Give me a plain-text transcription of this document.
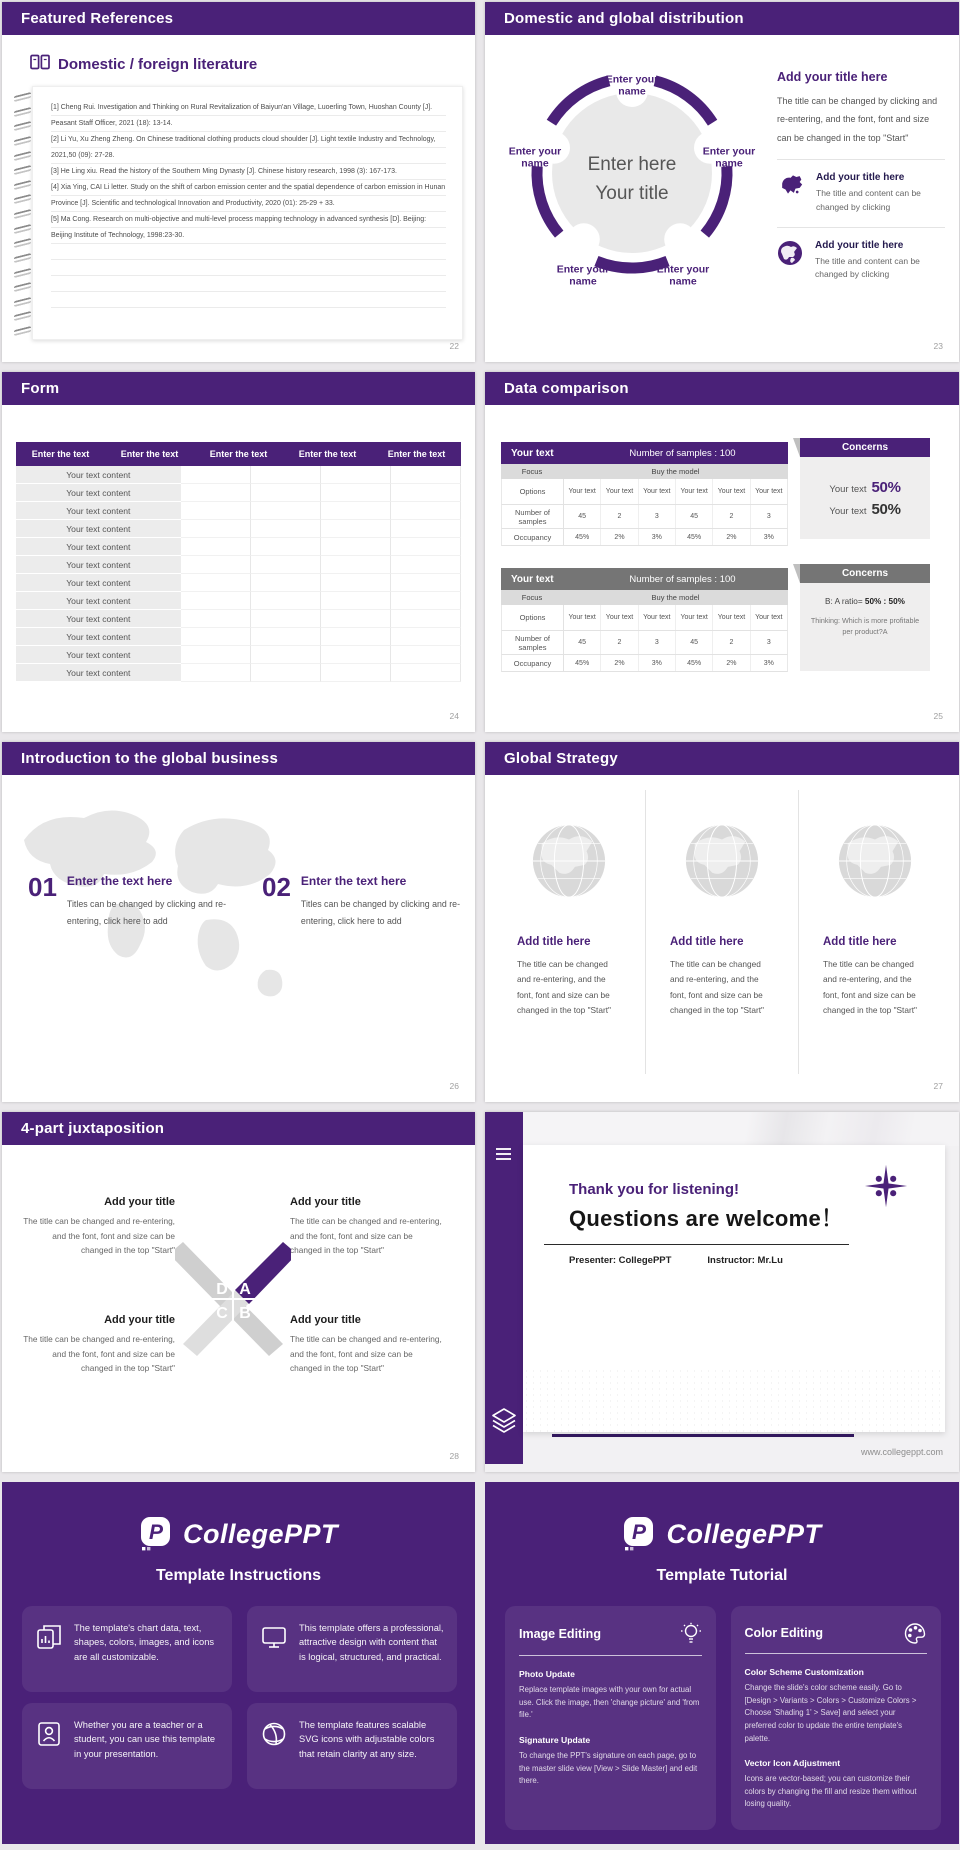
Featured References
Domestic / foreign literature
[1] Cheng Rui. Investigation and Thinking on Rural Revitalization of Baiyun'an Village, Luoerling Town, Huoshan County [J]. Peasant Staff Officer, 2021 (18): 13-14.
[2] Li Yu, Xu Zheng Zheng. On Chinese traditional clothing products cloud shoulder [J]. Light textile Industry and Technology, 2021,50 (09): 27-28.
[3] He Ling xiu. Read the history of the Southern Ming Dynasty [J]. Chinese history research, 1998 (3): 167-173.
[4] Xia Ying, CAI Li letter. Study on the shift of carbon emission center and the spatial dependence of carbon emission in Hunan Province [J]. Scientific and technological Innovation and Productivity, 2020 (01): 25-29 + 33.
[5] Ma Cong. Research on multi-objective and multi-level process mapping technology in advanced synthesis [D]. Beijing: Beijing Institute of Technology, 1998:23-30.
22
Domestic and global distribution
Enter your name
Enter your name
Enter your name
Enter your name
Enter your name
Enter here
Your title
Add your title here
The title can be changed by clicking and re-entering, and the font, font and size can be changed in the top "Start"
Add your title here
The title and content can be changed by clicking
Add your title here
The title and content can be changed by clicking
23
Form
Enter the text	Enter the text	Enter the text	Enter the text	Enter the text
Your text content
Your text content
Your text content
Your text content
Your text content
Your text content
Your text content
Your text content
Your text content
Your text content
Your text content
Your text content
24
Data comparison
Your text	Number of samples : 100
Focus	Buy the model
Options	Your text	Your text	Your text	Your text	Your text	Your text
Number of samples	45	2	3	45	2	3
Occupancy	45%	2%	3%	45%	2%	3%
Your text	Number of samples : 100
Focus	Buy the model
Options	Your text	Your text	Your text	Your text	Your text	Your text
Number of samples	45	2	3	45	2	3
Occupancy	45%	2%	3%	45%	2%	3%
Concerns
Your text 50%
Your text 50%
Concerns
B: A ratio= 50% : 50%
Thinking: Which is more profitable per product?A
25
Introduction to the global business
01 Enter the text here
Titles can be changed by clicking and re-entering, click here to add
02 Enter the text here
Titles can be changed by clicking and re-entering, click here to add
26
Global Strategy
Add title here
The title can be changed and re-entering, and the font, font and size can be changed in the top "Start"
Add title here
The title can be changed and re-entering, and the font, font and size can be changed in the top "Start"
Add title here
The title can be changed and re-entering, and the font, font and size can be changed in the top "Start"
27
4-part juxtaposition
Add your title
The title can be changed and re-entering, and the font, font and size can be changed in the top "Start"
Add your title
The title can be changed and re-entering, and the font, font and size can be changed in the top "Start"
Add your title
The title can be changed and re-entering, and the font, font and size can be changed in the top "Start"
Add your title
The title can be changed and re-entering, and the font, font and size can be changed in the top "Start"
D A
C B
28
Thank you for listening!
Questions are welcome！
Presenter: CollegePPT	Instructor: Mr.Lu
www.collegeppt.com
P CollegePPT
Template Instructions
The template's chart data, text, shapes, colors, images, and icons are all customizable.
This template offers a professional, attractive design with content that is logical, structured, and practical.
Whether you are a teacher or a student, you can use this template in your presentation.
The template features scalable SVG icons with adjustable colors that retain clarity at any size.
P CollegePPT
Template Tutorial
Image Editing
Photo Update
Replace template images with your own for actual use. Click the image, then 'change picture' and 'from file.'
Signature Update
To change the PPT's signature on each page, go to the master slide view [View > Slide Master] and edit there.
Color Editing
Color Scheme Customization
Change the slide's color scheme easily. Go to [Design > Variants > Colors > Customize Colors > Choose 'Shading 1' > Save] and select your preferred color to update the entire template's palette.
Vector Icon Adjustment
Icons are vector-based; you can customize their colors by changing the fill and resize them without losing quality.
